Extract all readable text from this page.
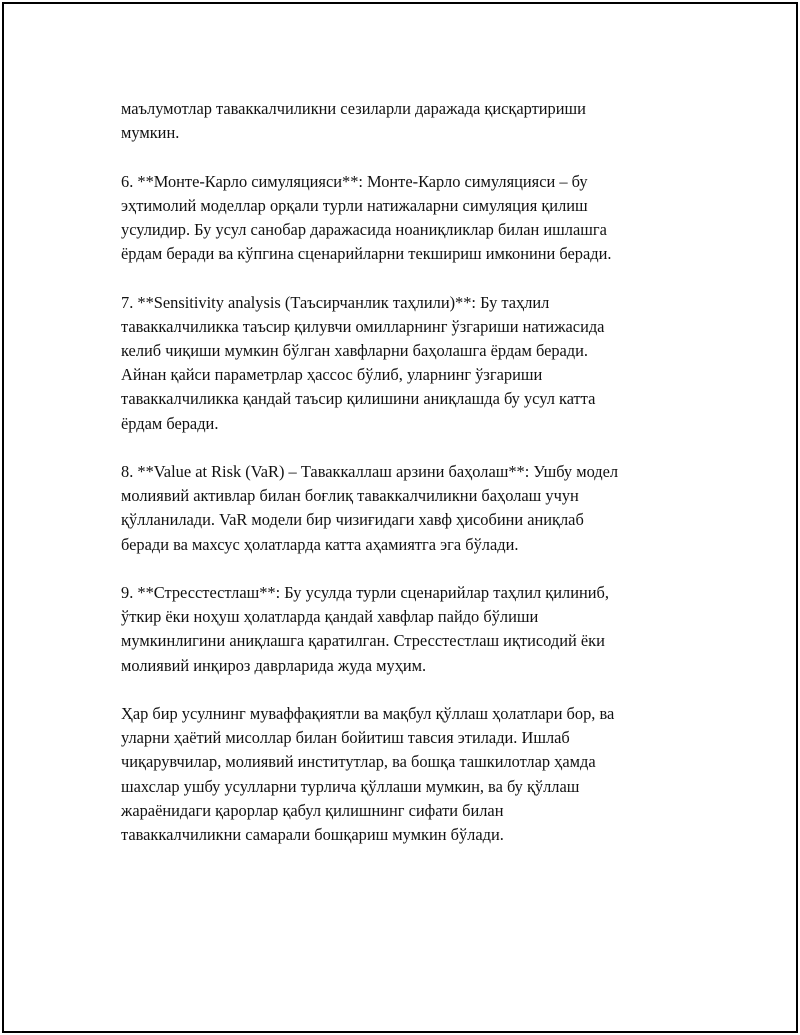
маълумотлар таваккалчиликни сезиларли даражада қисқартириши
мумкин.

6. **Монте-Карло симуляцияси**: Монте-Карло симуляцияси – бу
эҳтимолий моделлар орқали турли натижаларни симуляция қилиш
усулидир. Бу усул санобар даражасида ноаниқликлар билан ишлашга
ёрдам беради ва кўпгина сценарийларни текшириш имконини беради.

7. **Sensitivity analysis (Таъсирчанлик таҳлили)**: Бу таҳлил
таваккалчиликка таъсир қилувчи омилларнинг ўзгариши натижасида
келиб чиқиши мумкин бўлган хавфларни баҳолашга ёрдам беради.
Айнан қайси параметрлар ҳассос бўлиб, уларнинг ўзгариши
таваккалчиликка қандай таъсир қилишини аниқлашда бу усул катта
ёрдам беради.

8. **Value at Risk (VaR) – Таваккаллаш арзини баҳолаш**: Ушбу модел
молиявий активлар билан боғлиқ таваккалчиликни баҳолаш учун
қўлланилади. VaR модели бир чизиғидаги хавф ҳисобини аниқлаб
беради ва махсус ҳолатларда катта аҳамиятга эга бўлади.

9. **Стресстестлаш**: Бу усулда турли сценарийлар таҳлил қилиниб,
ўткир ёки ноҳуш ҳолатларда қандай хавфлар пайдо бўлиши
мумкинлигини аниқлашга қаратилган. Стресстестлаш иқтисодий ёки
молиявий инқироз даврларида жуда муҳим.

Ҳар бир усулнинг муваффақиятли ва мақбул қўллаш ҳолатлари бор, ва
уларни ҳаётий мисоллар билан бойитиш тавсия этилади. Ишлаб
чиқарувчилар, молиявий институтлар, ва бошқа ташкилотлар ҳамда
шахслар ушбу усулларни турлича қўллаши мумкин, ва бу қўллаш
жараёнидаги қарорлар қабул қилишнинг сифати билан
таваккалчиликни самарали бошқариш мумкин бўлади.
